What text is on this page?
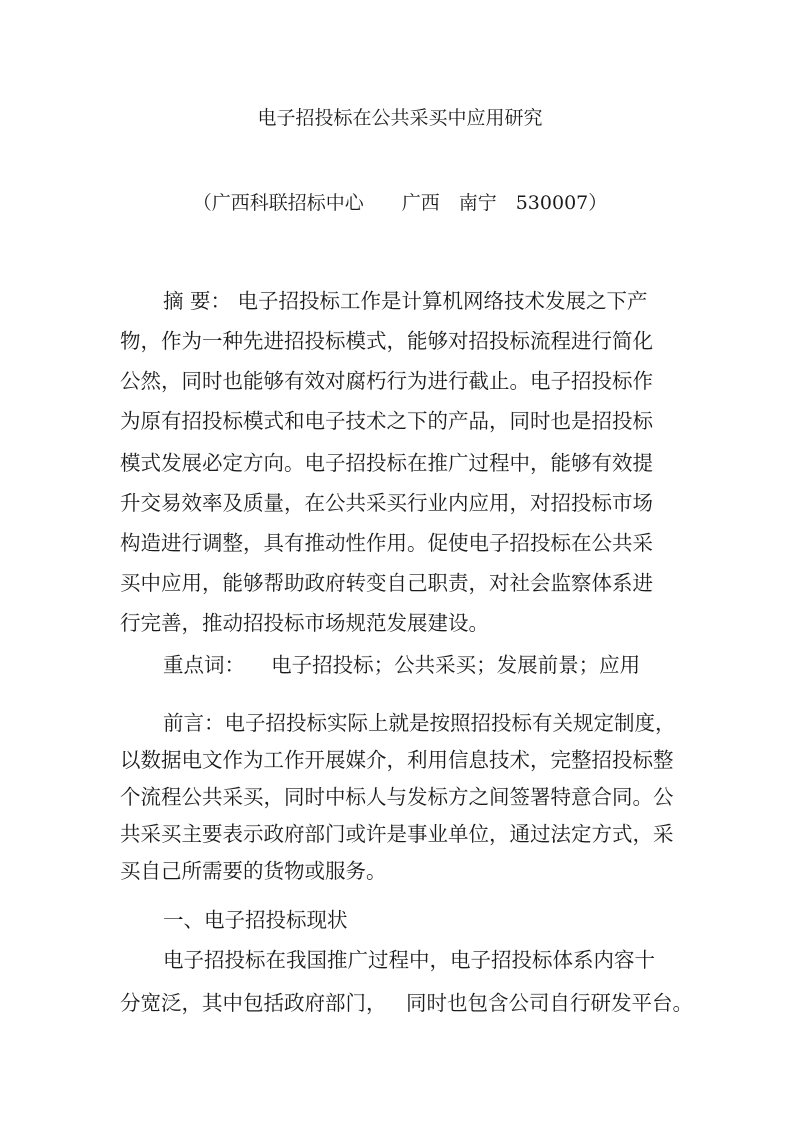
电子招投标在公共采买中应用研究
（广西科联招标中心　　广西　南宁　530007）
摘 要： 电子招投标工作是计算机网络技术发展之下产
物，作为一种先进招投标模式，能够对招投标流程进行简化
公然，同时也能够有效对腐朽行为进行截止。电子招投标作
为原有招投标模式和电子技术之下的产品，同时也是招投标
模式发展必定方向。电子招投标在推广过程中，能够有效提
升交易效率及质量，在公共采买行业内应用，对招投标市场
构造进行调整，具有推动性作用。促使电子招投标在公共采
买中应用，能够帮助政府转变自己职责，对社会监察体系进
行完善，推动招投标市场规范发展建设。
重点词：    电子招投标；公共采买；发展前景；应用
前言：电子招投标实际上就是按照招投标有关规定制度，
以数据电文作为工作开展媒介，利用信息技术，完整招投标整
个流程公共采买，同时中标人与发标方之间签署特意合同。公
共采买主要表示政府部门或许是事业单位，通过法定方式，采
买自己所需要的货物或服务。
一、电子招投标现状
电子招投标在我国推广过程中，电子招投标体系内容十
分宽泛，其中包括政府部门，   同时也包含公司自行研发平台。
